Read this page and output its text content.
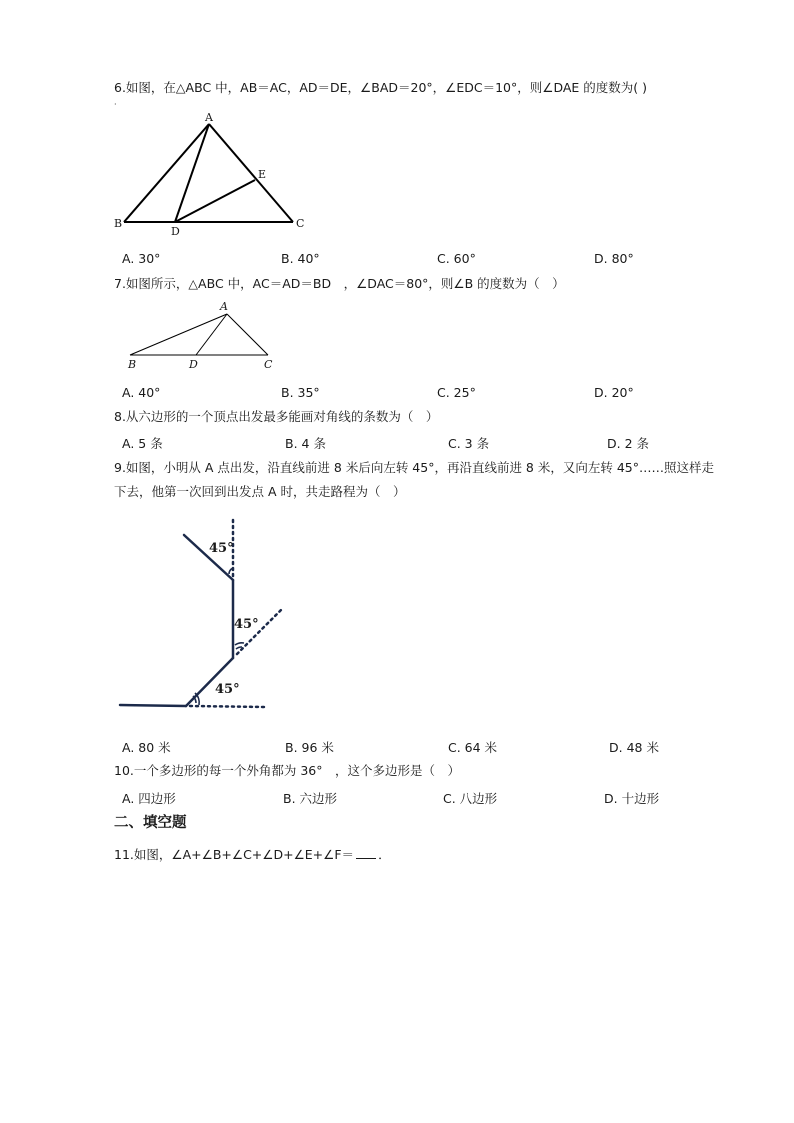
6.如图，在△ABC 中，AB＝AC，AD＝DE，∠BAD＝20°，∠EDC＝10°，则∠DAE 的度数为( )
·
A
B	C
D
E
A. 30°	B. 40°	C. 60°	D. 80°
7.如图所示，△ABC 中，AC＝AD＝BD　，∠DAC＝80°，则∠B 的度数为（　）
A
B	C
D
A. 40°	B. 35°	C. 25°	D. 20°
8.从六边形的一个顶点出发最多能画对角线的条数为（　）
A. 5 条	B. 4 条	C. 3 条	D. 2 条
9.如图，小明从 A 点出发，沿直线前进 8 米后向左转 45°，再沿直线前进 8 米，又向左转 45°……照这样走下去，他第一次回到出发点 A 时，共走路程为（　）
45°
45°
45°
A. 80 米	B. 96 米	C. 64 米	D. 48 米
10.一个多边形的每一个外角都为 36°　，这个多边形是（　）
A. 四边形	B. 六边形	C. 八边形	D. 十边形
二、填空题
11.如图，∠A+∠B+∠C+∠D+∠E+∠F＝ ．
